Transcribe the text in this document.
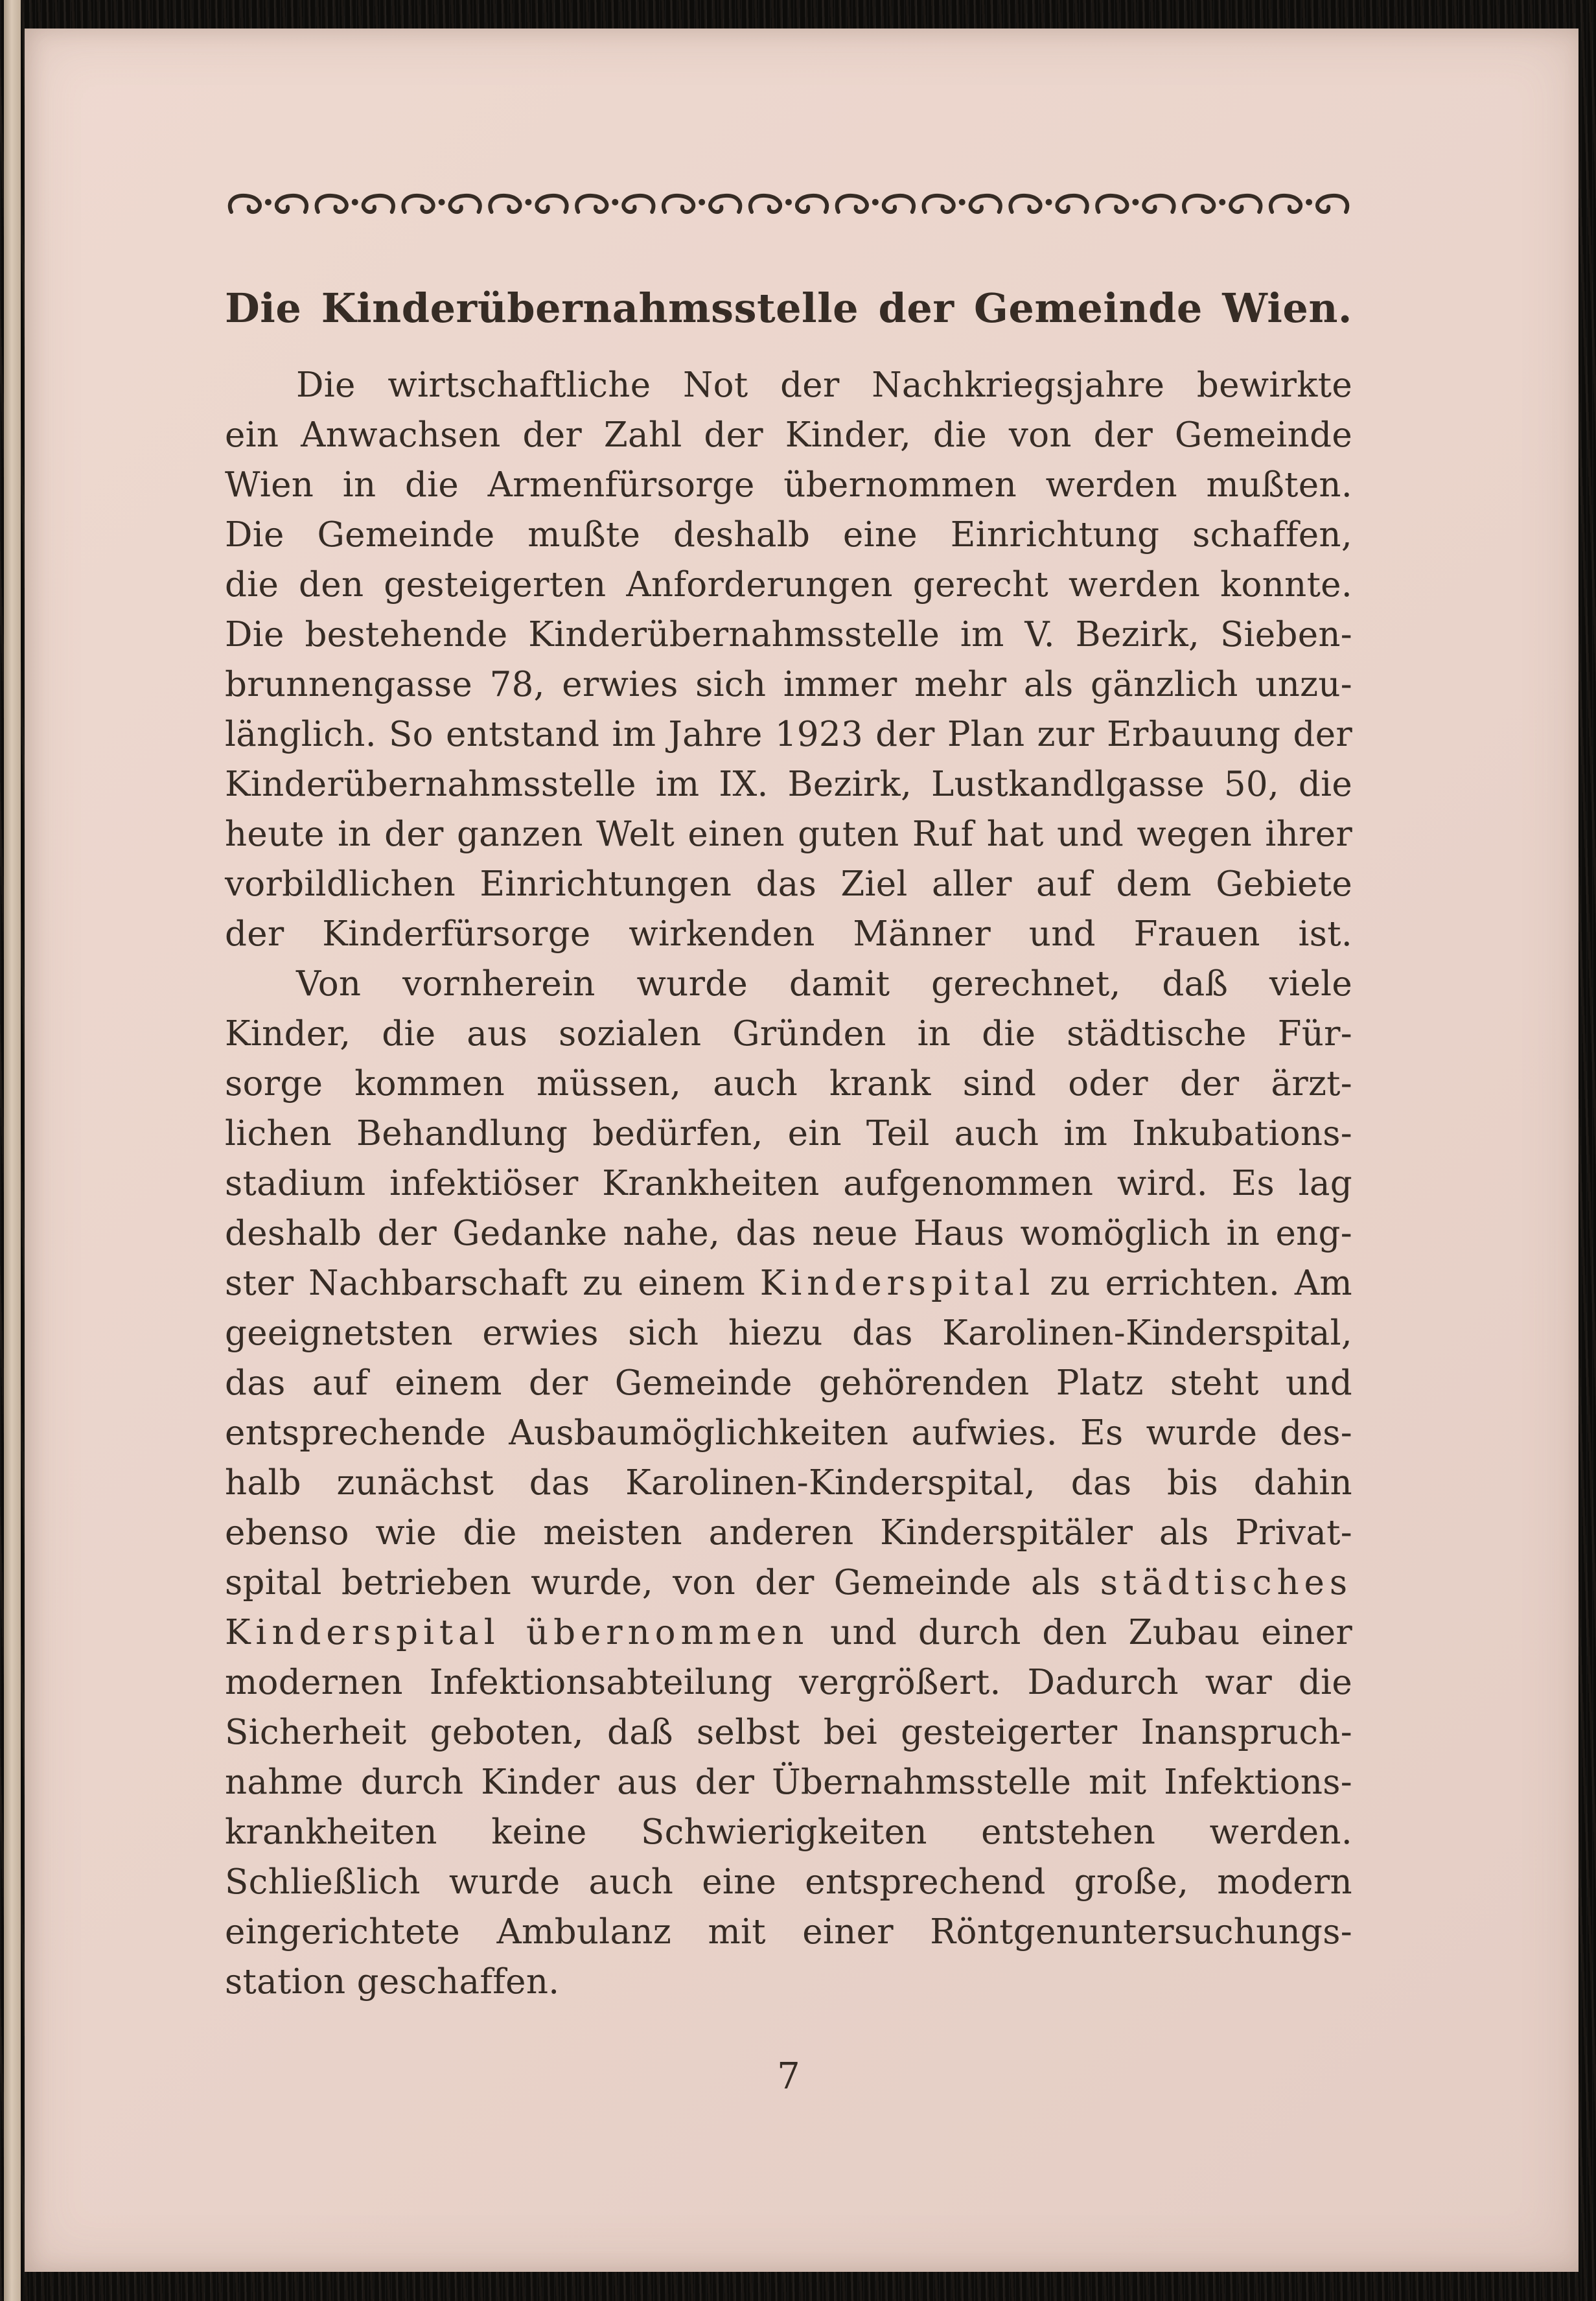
Die Kinderübernahmsstelle der Gemeinde Wien.
Die wirtschaftliche Not der Nachkriegsjahre bewirkte
ein Anwachsen der Zahl der Kinder, die von der Gemeinde
Wien in die Armenfürsorge übernommen werden mußten.
Die Gemeinde mußte deshalb eine Einrichtung schaffen,
die den gesteigerten Anforderungen gerecht werden konnte.
Die bestehende Kinderübernahmsstelle im V. Bezirk, Sieben-
brunnengasse 78, erwies sich immer mehr als gänzlich unzu-
länglich. So entstand im Jahre 1923 der Plan zur Erbauung der
Kinderübernahmsstelle im IX. Bezirk, Lustkandlgasse 50, die
heute in der ganzen Welt einen guten Ruf hat und wegen ihrer
vorbildlichen Einrichtungen das Ziel aller auf dem Gebiete
der Kinderfürsorge wirkenden Männer und Frauen ist.
Von vornherein wurde damit gerechnet, daß viele
Kinder, die aus sozialen Gründen in die städtische Für-
sorge kommen müssen, auch krank sind oder der ärzt-
lichen Behandlung bedürfen, ein Teil auch im Inkubations-
stadium infektiöser Krankheiten aufgenommen wird. Es lag
deshalb der Gedanke nahe, das neue Haus womöglich in eng-
ster Nachbarschaft zu einem Kinderspital zu errichten. Am
geeignetsten erwies sich hiezu das Karolinen-Kinderspital,
das auf einem der Gemeinde gehörenden Platz steht und
entsprechende Ausbaumöglichkeiten aufwies. Es wurde des-
halb zunächst das Karolinen-Kinderspital, das bis dahin
ebenso wie die meisten anderen Kinderspitäler als Privat-
spital betrieben wurde, von der Gemeinde als städtisches
Kinderspital übernommen und durch den Zubau einer
modernen Infektionsabteilung vergrößert. Dadurch war die
Sicherheit geboten, daß selbst bei gesteigerter Inanspruch-
nahme durch Kinder aus der Übernahmsstelle mit Infektions-
krankheiten keine Schwierigkeiten entstehen werden.
Schließlich wurde auch eine entsprechend große, modern
eingerichtete Ambulanz mit einer Röntgenuntersuchungs-
station geschaffen.
7
